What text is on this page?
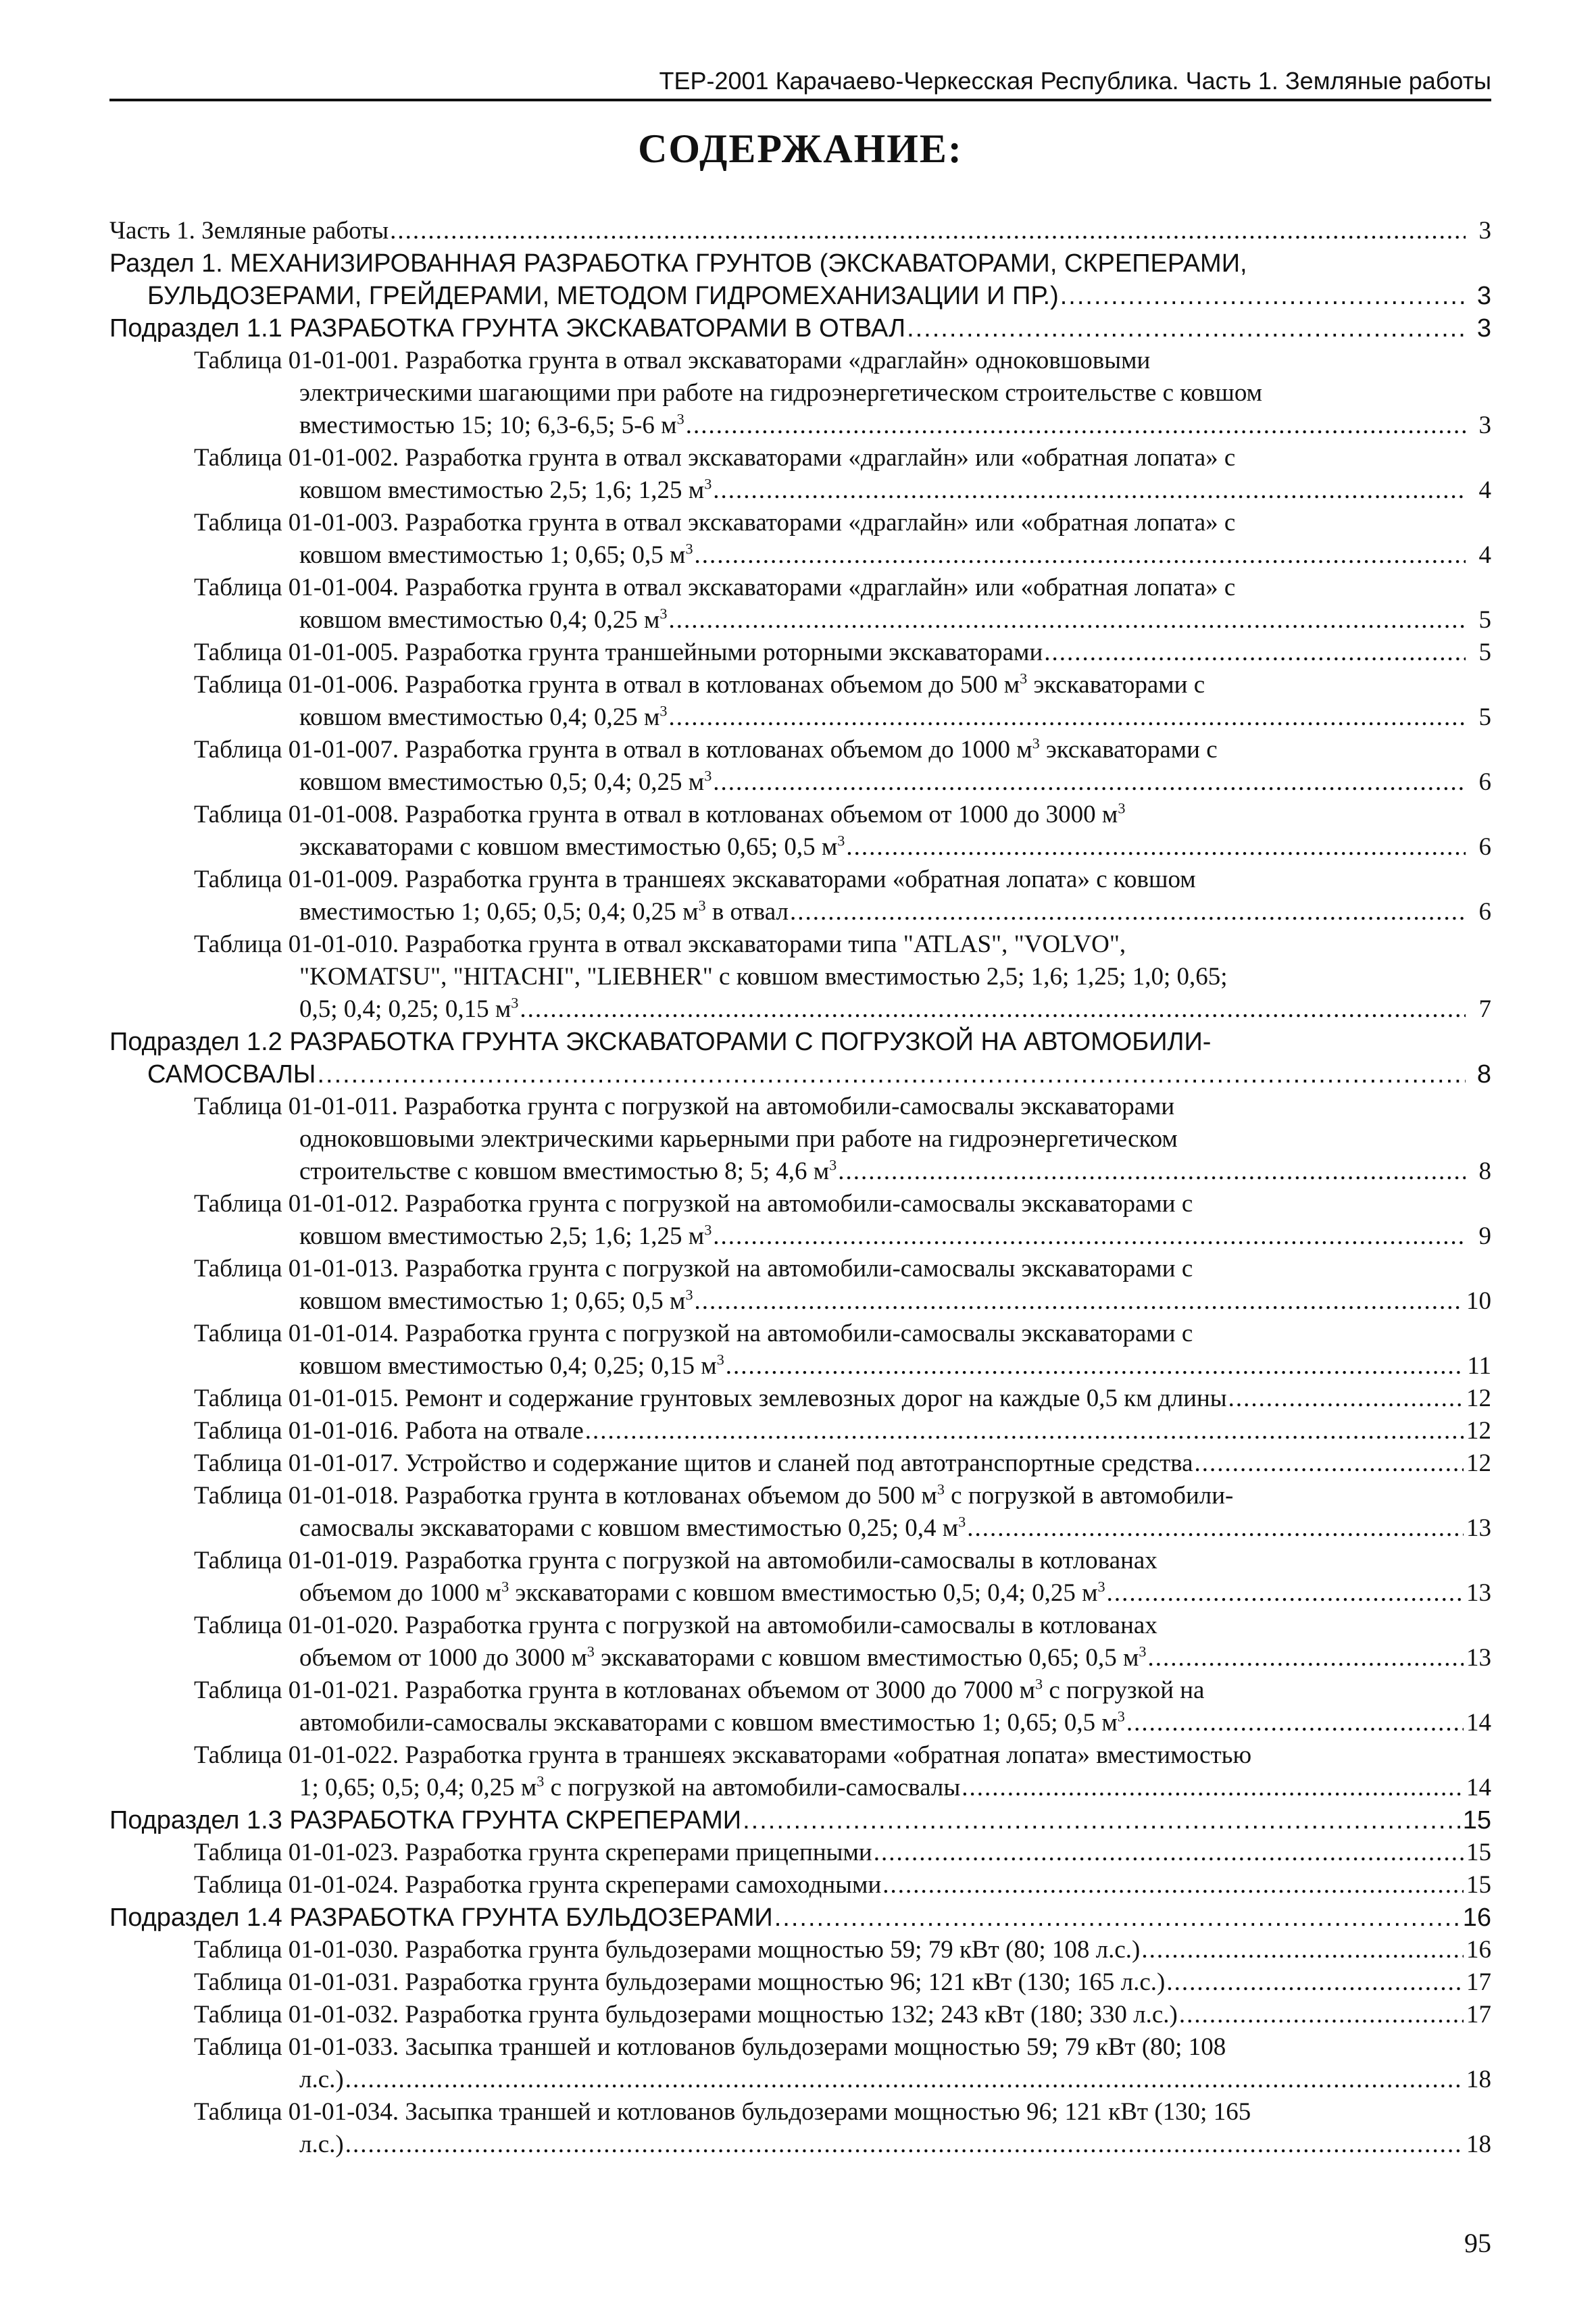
ТЕР-2001 Карачаево-Черкесская Республика. Часть 1. Земляные работы
СОДЕРЖАНИЕ:
Часть 1. Земляные работы .....	3
Раздел 1. МЕХАНИЗИРОВАННАЯ РАЗРАБОТКА ГРУНТОВ (ЭКСКАВАТОРАМИ, СКРЕПЕРАМИ,
БУЛЬДОЗЕРАМИ, ГРЕЙДЕРАМИ, МЕТОДОМ ГИДРОМЕХАНИЗАЦИИ И ПР.) .....	3
Подраздел 1.1 РАЗРАБОТКА ГРУНТА ЭКСКАВАТОРАМИ В ОТВАЛ .....	3
Таблица 01-01-001. Разработка грунта в отвал экскаваторами «драглайн» одноковшовыми
электрическими шагающими при работе на гидроэнергетическом строительстве с ковшом
вместимостью 15; 10; 6,3-6,5; 5-6 $м^3$ .....	3
Таблица 01-01-002. Разработка грунта в отвал экскаваторами «драглайн» или «обратная лопата» с
ковшом вместимостью 2,5; 1,6; 1,25 $м^3$ .....	4
Таблица 01-01-003. Разработка грунта в отвал экскаваторами «драглайн» или «обратная лопата» с
ковшом вместимостью 1; 0,65; 0,5 $м^3$ .....	4
Таблица 01-01-004. Разработка грунта в отвал экскаваторами «драглайн» или «обратная лопата» с
ковшом вместимостью 0,4; 0,25 $м^3$ .....	5
Таблица 01-01-005. Разработка грунта траншейными роторными экскаваторами .....	5
Таблица 01-01-006. Разработка грунта в отвал в котлованах объемом до 500 $м^3$ экскаваторами с
ковшом вместимостью 0,4; 0,25 $м^3$ .....	5
Таблица 01-01-007. Разработка грунта в отвал в котлованах объемом до 1000 $м^3$ экскаваторами с
ковшом вместимостью 0,5; 0,4; 0,25 $м^3$ .....	6
Таблица 01-01-008. Разработка грунта в отвал в котлованах объемом от 1000 до 3000 $м^3$
экскаваторами с ковшом вместимостью 0,65; 0,5 $м^3$ .....	6
Таблица 01-01-009. Разработка грунта в траншеях экскаваторами «обратная лопата» с ковшом
вместимостью 1; 0,65; 0,5; 0,4; 0,25 $м^3$ в отвал .....	6
Таблица 01-01-010. Разработка грунта в отвал экскаваторами типа "ATLAS", "VOLVO",
"KOMATSU", "HITACHI", "LIEBHER" с ковшом вместимостью 2,5; 1,6; 1,25; 1,0; 0,65;
0,5; 0,4; 0,25; 0,15 $м^3$ .....	7
Подраздел 1.2 РАЗРАБОТКА ГРУНТА ЭКСКАВАТОРАМИ С ПОГРУЗКОЙ НА АВТОМОБИЛИ-
САМОСВАЛЫ .....	8
Таблица 01-01-011. Разработка грунта с погрузкой на автомобили-самосвалы экскаваторами
одноковшовыми электрическими карьерными при работе на гидроэнергетическом
строительстве с ковшом вместимостью 8; 5; 4,6 $м^3$ .....	8
Таблица 01-01-012. Разработка грунта с погрузкой на автомобили-самосвалы экскаваторами с
ковшом вместимостью 2,5; 1,6; 1,25 $м^3$ .....	9
Таблица 01-01-013. Разработка грунта с погрузкой на автомобили-самосвалы экскаваторами с
ковшом вместимостью 1; 0,65; 0,5 $м^3$ .....	10
Таблица 01-01-014. Разработка грунта с погрузкой на автомобили-самосвалы экскаваторами с
ковшом вместимостью 0,4; 0,25; 0,15 $м^3$ .....	11
Таблица 01-01-015. Ремонт и содержание грунтовых землевозных дорог на каждые 0,5 км длины .....	12
Таблица 01-01-016. Работа на отвале .....	12
Таблица 01-01-017. Устройство и содержание щитов и сланей под автотранспортные средства .....	12
Таблица 01-01-018. Разработка грунта в котлованах объемом до 500 $м^3$ с погрузкой в автомобили-
самосвалы экскаваторами с ковшом вместимостью 0,25; 0,4 $м^3$ .....	13
Таблица 01-01-019. Разработка грунта с погрузкой на автомобили-самосвалы в котлованах
объемом до 1000 $м^3$ экскаваторами с ковшом вместимостью 0,5; 0,4; 0,25 $м^3$ .....	13
Таблица 01-01-020. Разработка грунта с погрузкой на автомобили-самосвалы в котлованах
объемом от 1000 до 3000 $м^3$ экскаваторами с ковшом вместимостью 0,65; 0,5 $м^3$ .....	13
Таблица 01-01-021. Разработка грунта в котлованах объемом от 3000 до 7000 $м^3$ с погрузкой на
автомобили-самосвалы экскаваторами с ковшом вместимостью 1; 0,65; 0,5 $м^3$ .....	14
Таблица 01-01-022. Разработка грунта в траншеях экскаваторами «обратная лопата» вместимостью
1; 0,65; 0,5; 0,4; 0,25 $м^3$ с погрузкой на автомобили-самосвалы .....	14
Подраздел 1.3 РАЗРАБОТКА ГРУНТА СКРЕПЕРАМИ .....	15
Таблица 01-01-023. Разработка грунта скреперами прицепными .....	15
Таблица 01-01-024. Разработка грунта скреперами самоходными .....	15
Подраздел 1.4 РАЗРАБОТКА ГРУНТА БУЛЬДОЗЕРАМИ .....	16
Таблица 01-01-030. Разработка грунта бульдозерами мощностью 59; 79 кВт (80; 108 л.с.) .....	16
Таблица 01-01-031. Разработка грунта бульдозерами мощностью 96; 121 кВт (130; 165 л.с.) .....	17
Таблица 01-01-032. Разработка грунта бульдозерами мощностью 132; 243 кВт (180; 330 л.с.) .....	17
Таблица 01-01-033. Засыпка траншей и котлованов бульдозерами мощностью 59; 79 кВт (80; 108
л.с.) .....	18
Таблица 01-01-034. Засыпка траншей и котлованов бульдозерами мощностью 96; 121 кВт (130; 165
л.с.) .....	18
95
